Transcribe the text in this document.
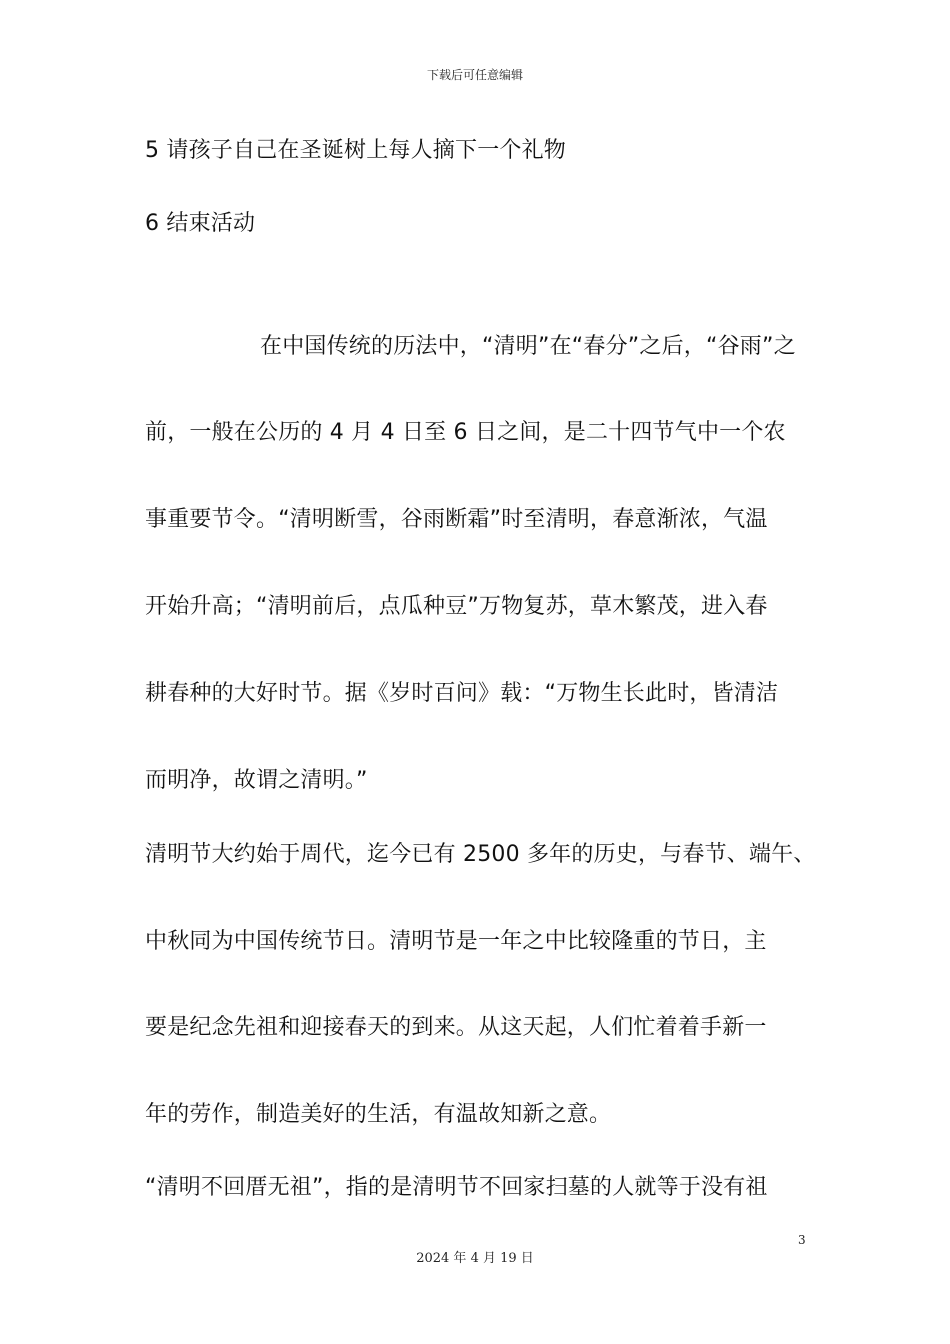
下载后可任意编辑
5 请孩子自己在圣诞树上每人摘下一个礼物
6 结束活动
在中国传统的历法中，“清明”在“春分”之后，“谷雨”之
前，一般在公历的 4 月 4 日至 6 日之间，是二十四节气中一个农
事重要节令。“清明断雪，谷雨断霜”时至清明，春意渐浓，气温
开始升高；“清明前后，点瓜种豆”万物复苏，草木繁茂，进入春
耕春种的大好时节。据《岁时百问》载：“万物生长此时，皆清洁
而明净，故谓之清明。”
清明节大约始于周代，迄今已有 2500 多年的历史，与春节、端午、
中秋同为中国传统节日。清明节是一年之中比较隆重的节日，主
要是纪念先祖和迎接春天的到来。从这天起，人们忙着着手新一
年的劳作，制造美好的生活，有温故知新之意。
“清明不回厝无祖”，指的是清明节不回家扫墓的人就等于没有祖
3
2024 年 4 月 19 日
